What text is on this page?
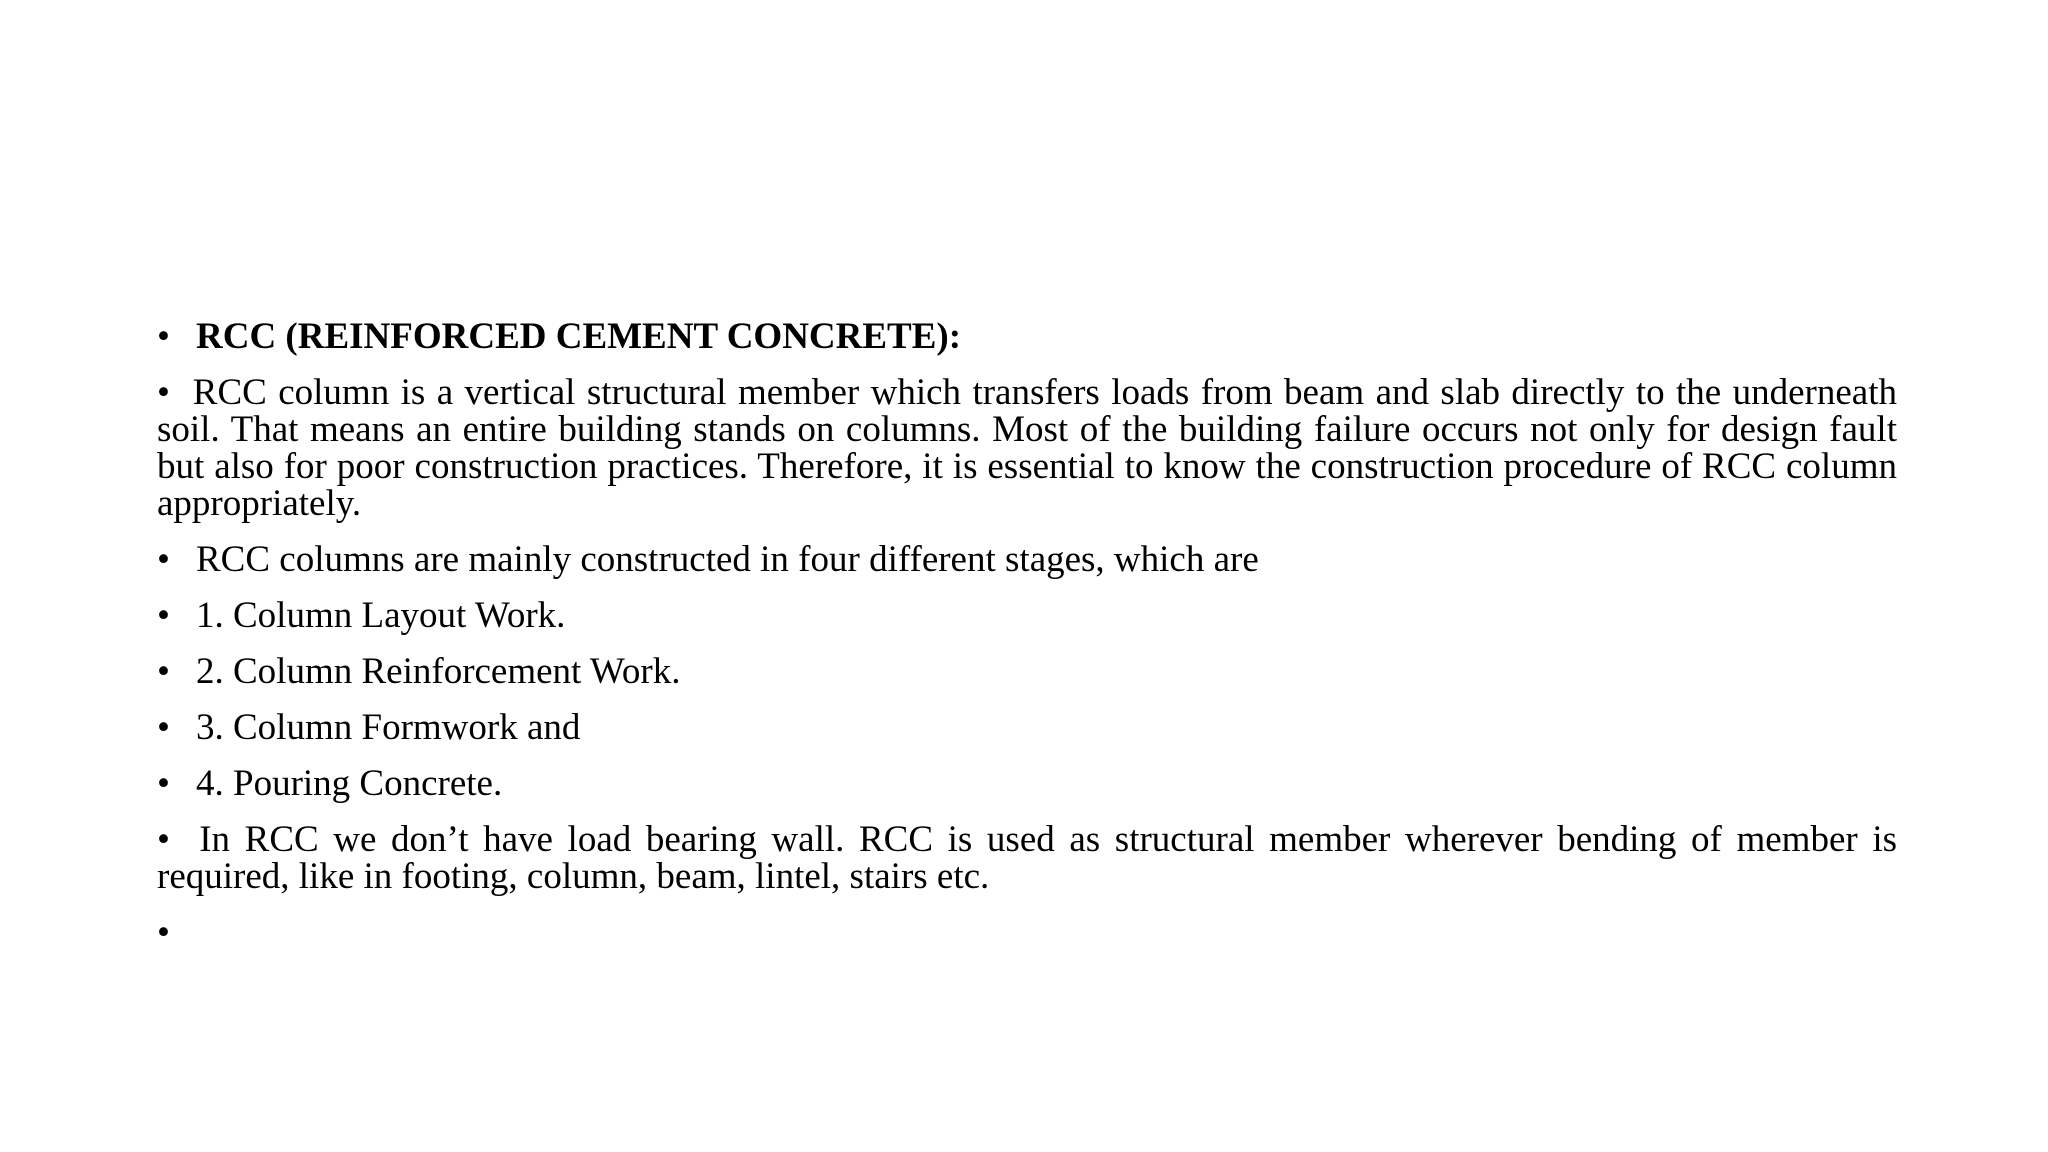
• RCC (REINFORCED CEMENT CONCRETE):

• RCC column is a vertical structural member which transfers loads from beam and slab directly to the underneath soil. That means an entire building stands on columns. Most of the building failure occurs not only for design fault but also for poor construction practices. Therefore, it is essential to know the construction procedure of RCC column appropriately.

• RCC columns are mainly constructed in four different stages, which are

• 1. Column Layout Work.

• 2. Column Reinforcement Work.

• 3. Column Formwork and

• 4. Pouring Concrete.

• In RCC we don’t have load bearing wall. RCC is used as structural member wherever bending of member is required, like in footing, column, beam, lintel, stairs etc.

•
